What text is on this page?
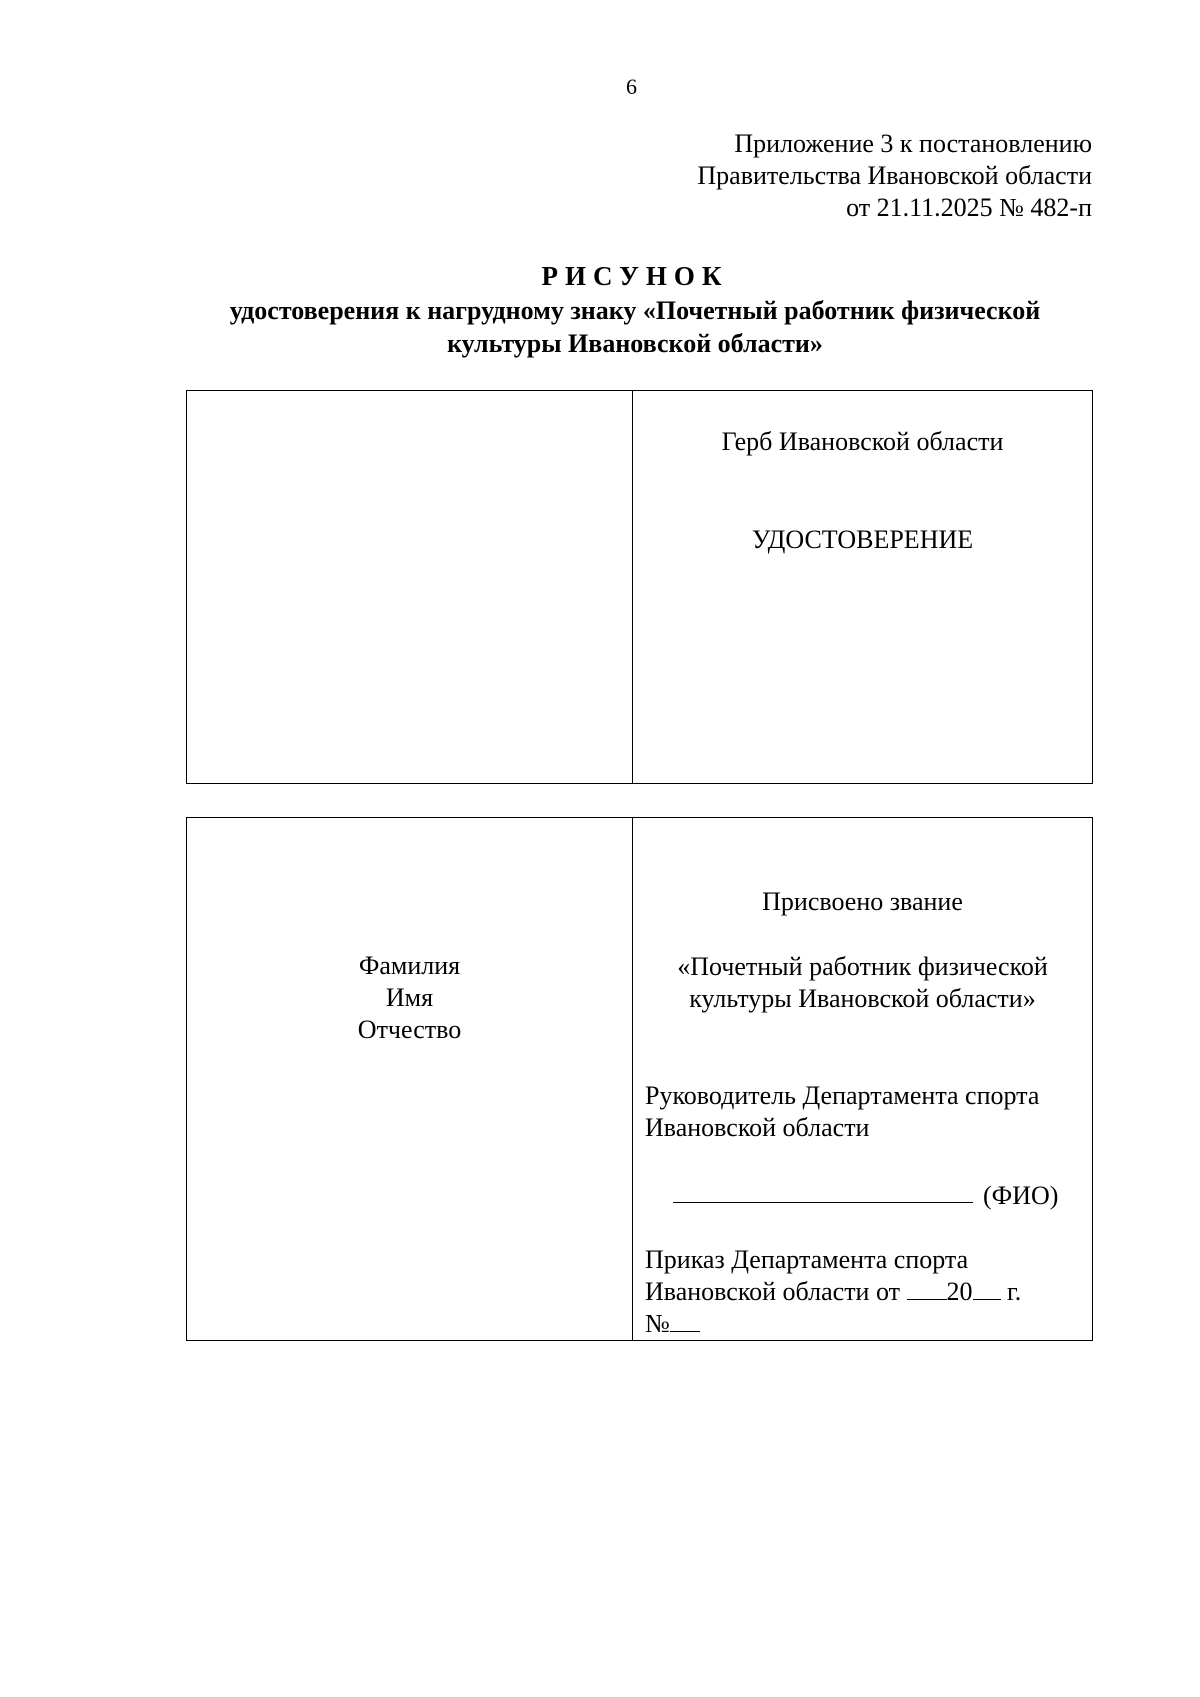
6
Приложение 3 к постановлению
Правительства Ивановской области
от 21.11.2025 № 482-п
РИСУНОК
удостоверения к нагрудному знаку «Почетный работник физической
культуры Ивановской области»
Герб Ивановской области
УДОСТОВЕРЕНИЕ
Фамилия
Имя
Отчество
Присвоено звание
«Почетный работник физической
культуры Ивановской области»
Руководитель Департамента спорта
Ивановской области
(ФИО)
Приказ Департамента спорта
Ивановской области от 20 г.
№
